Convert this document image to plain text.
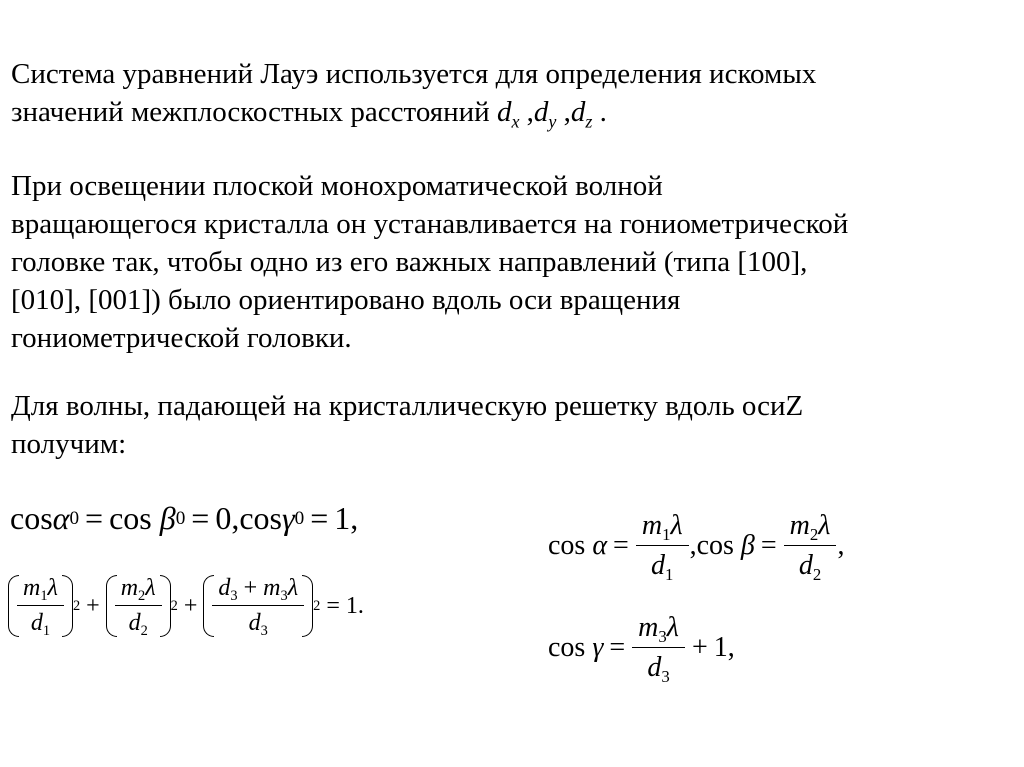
Система уравнений Лауэ используется для определения искомых
значений межплоскостных расстояний $d_x$ $,d_y$ $,d_z$ .
При освещении плоской монохроматической волной
вращающегося кристалла он устанавливается на гониометрической
головке так, чтобы одно из его важных направлений (типа [100],
[010], [001]) было ориентировано вдоль оси вращения
гониометрической головки.
Для волны, падающей на кристаллическую решетку вдоль осиZ
получим:
cos α 0 = cos
β 0 = 0, cos γ 0 = 1,
$\frac{m_1\lambda}{d_1} 2 + \frac{m_2\lambda}{d_2} 2 + \frac{d_3 + m_3\lambda}{d_3} 2 = 1$.
cos
$\alpha = \frac{m_1\lambda}{d_1}$ , cos
$\beta = \frac{m_2\lambda}{d_2}$ ,
cos
$\gamma = \frac{m_3\lambda}{d_3} + 1$,
